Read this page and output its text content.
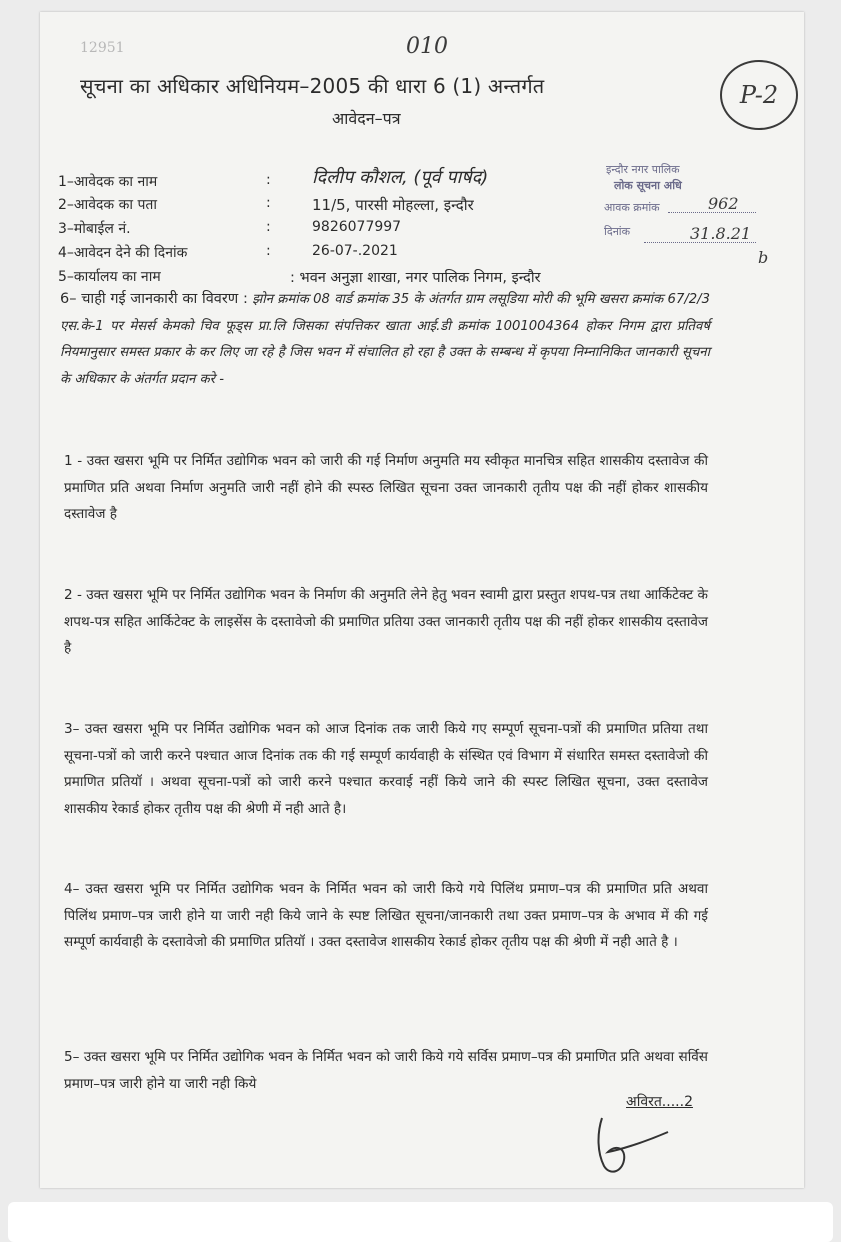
12951	010
सूचना का अधिकार अधिनियम–2005 की धारा 6 (1) अन्तर्गत
आवेदन–पत्र
P-2
इन्दौर नगर पालिक
लोक सूचना अधि
आवक क्रमांक	962
दिनांक	31.8.21
b
1–आवेदक का नाम	: दिलीप कौशल, (पूर्व पार्षद)
2–आवेदक का पता	:	11/5, पारसी मोहल्ला, इन्दौर
3–मोबाईल नं.	:	9826077997
4–आवेदन देने की दिनांक	:	26-07-.2021
5–कार्यालय का नाम	: भवन अनुज्ञा शाखा, नगर पालिक निगम, इन्दौर
6– चाही गई जानकारी का विवरण : झोन क्रमांक 08 वार्ड क्रमांक 35 के अंतर्गत ग्राम लसूडिया मोरी की भूमि खसरा क्रमांक 67/2/3 एस.के-1 पर मेसर्स केमको चिव फूड्स प्रा.लि जिसका संपत्तिकर खाता आई.डी क्रमांक 1001004364 होकर निगम द्वारा प्रतिवर्ष नियमानुसार समस्त प्रकार के कर लिए जा रहे है जिस भवन में संचालित हो रहा है उक्त के सम्बन्ध में कृपया निम्नानिकित जानकारी सूचना के अधिकार के अंतर्गत प्रदान करे -
1 - उक्त खसरा भूमि पर निर्मित उद्योगिक भवन को जारी की गई निर्माण अनुमति मय स्वीकृत मानचित्र सहित शासकीय दस्तावेज की प्रमाणित प्रति अथवा निर्माण अनुमति जारी नहीं होने की स्पस्ठ लिखित सूचना उक्त जानकारी तृतीय पक्ष की नहीं होकर शासकीय दस्तावेज है
2 - उक्त खसरा भूमि पर निर्मित उद्योगिक भवन के निर्माण की अनुमति लेने हेतु भवन स्वामी द्वारा प्रस्तुत शपथ-पत्र तथा आर्किटेक्ट के शपथ-पत्र सहित आर्किटेक्ट के लाइसेंस के दस्तावेजो की प्रमाणित प्रतिया उक्त जानकारी तृतीय पक्ष की नहीं होकर शासकीय दस्तावेज है
3– उक्त खसरा भूमि पर निर्मित उद्योगिक भवन को आज दिनांक तक जारी किये गए सम्पूर्ण सूचना-पत्रों की प्रमाणित प्रतिया तथा सूचना-पत्रों को जारी करने पश्चात आज दिनांक तक की गई सम्पूर्ण कार्यवाही के संस्थित एवं विभाग में संधारित समस्त दस्तावेजो की प्रमाणित प्रतियॉ । अथवा सूचना-पत्रों को जारी करने पश्चात करवाई नहीं किये जाने की स्पस्ट लिखित सूचना, उक्त दस्तावेज शासकीय रेकार्ड होकर तृतीय पक्ष की श्रेणी में नही आते है।
4– उक्त खसरा भूमि पर निर्मित उद्योगिक भवन के निर्मित भवन को जारी किये गये पिलिंथ प्रमाण–पत्र की प्रमाणित प्रति अथवा पिलिंथ प्रमाण–पत्र जारी होने या जारी नही किये जाने के स्पष्ट लिखित सूचना/जानकारी तथा उक्त प्रमाण–पत्र के अभाव में की गई सम्पूर्ण कार्यवाही के दस्तावेजो की प्रमाणित प्रतियॉ । उक्त दस्तावेज शासकीय रेकार्ड होकर तृतीय पक्ष की श्रेणी में नही आते है ।
5– उक्त खसरा भूमि पर निर्मित उद्योगिक भवन के निर्मित भवन को जारी किये गये सर्विस प्रमाण–पत्र की प्रमाणित प्रति अथवा सर्विस प्रमाण–पत्र जारी होने या जारी नही किये
अविरत.....2
